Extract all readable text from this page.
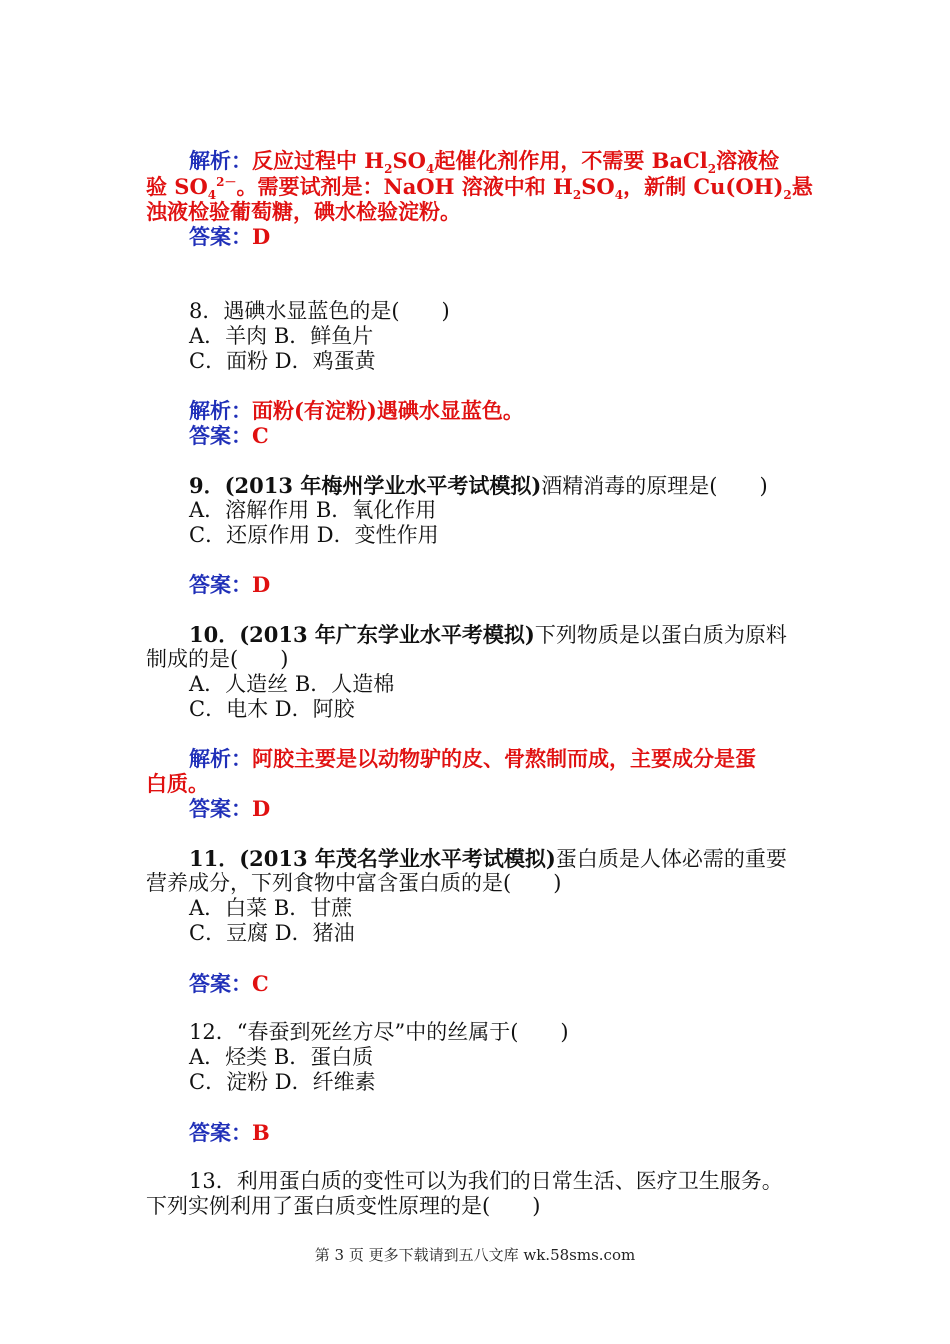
解析：反应过程中 $H_2SO_4$起催化剂作用，不需要 BaCl$_2$溶液检
验 $SO_4^{2-}$。需要试剂是：NaOH 溶液中和 $H_2SO_4$，新制 $Cu(OH)_2$悬
浊液检验葡萄糖，碘水检验淀粉。
答案：D
8．遇碘水显蓝色的是(　　)
A．羊肉 B．鲜鱼片
C．面粉 D．鸡蛋黄
解析：面粉(有淀粉)遇碘水显蓝色。
答案：C
9．(2013 年梅州学业水平考试模拟)酒精消毒的原理是(　　)
A．溶解作用 B．氧化作用
C．还原作用 D．变性作用
答案：D
10．(2013 年广东学业水平考模拟)下列物质是以蛋白质为原料
制成的是(　　)
A．人造丝 B．人造棉
C．电木 D．阿胶
解析：阿胶主要是以动物驴的皮、骨熬制而成，主要成分是蛋
白质。
答案：D
11．(2013 年茂名学业水平考试模拟)蛋白质是人体必需的重要
营养成分，下列食物中富含蛋白质的是(　　)
A．白菜 B．甘蔗
C．豆腐 D．猪油
答案：C
12．“春蚕到死丝方尽”中的丝属于(　　)
A．烃类 B．蛋白质
C．淀粉 D．纤维素
答案：B
13．利用蛋白质的变性可以为我们的日常生活、医疗卫生服务。
下列实例利用了蛋白质变性原理的是(　　)
第 3 页 更多下载请到五八文库 wk.58sms.com
